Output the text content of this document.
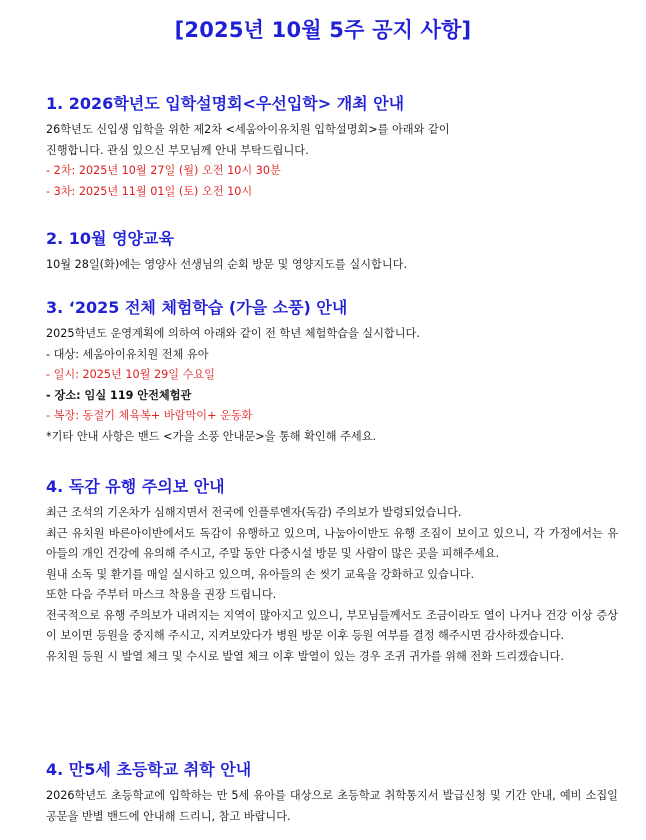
[2025년 10월 5주 공지 사항]
1. 2026학년도 입학설명회<우선입학> 개최 안내

26학년도 신입생 입학을 위한 제2차 <세움아이유치원 입학설명회>를 아래와 같이

진행합니다. 관심 있으신 부모님께 안내 부탁드립니다.

- 2차: 2025년 10월 27일 (월) 오전 10시 30분

- 3차: 2025년 11월 01일 (토) 오전 10시

2. 10월 영양교육

10월 28일(화)에는 영양사 선생님의 순회 방문 및 영양지도를 실시합니다.

3. ‘2025 전체 체험학습 (가을 소풍) 안내

2025학년도 운영계획에 의하여 아래와 같이 전 학년 체험학습을 실시합니다.

- 대상: 세움아이유치원 전체 유아

- 일시: 2025년 10월 29일 수요일

- 장소: 임실 119 안전체험관

- 복장: 동절기 체육복+ 바람막이+ 운동화

*기타 안내 사항은 밴드 <가을 소풍 안내문>을 통해 확인해 주세요.

4. 독감 유행 주의보 안내

최근 조석의 기온차가 심해지면서 전국에 인플루엔자(독감) 주의보가 발령되었습니다.

최근 유치원 바른아이반에서도 독감이 유행하고 있으며, 나눔아이반도 유행 조짐이 보이고 있으니, 각 가정에서는 유아들의 개인 건강에 유의해 주시고, 주말 동안 다중시설 방문 및 사람이 많은 곳을 피해주세요.

원내 소독 및 환기를 매일 실시하고 있으며, 유아들의 손 씻기 교육을 강화하고 있습니다.

또한 다음 주부터 마스크 착용을 권장 드립니다.

전국적으로 유행 주의보가 내려지는 지역이 많아지고 있으니, 부모님들께서도 조금이라도 열이 나거나 건강 이상 증상이 보이면 등원을 중지해 주시고, 지켜보았다가 병원 방문 이후 등원 여부를 결정 해주시면 감사하겠습니다.

유치원 등원 시 발열 체크 및 수시로 발열 체크 이후 발열이 있는 경우 조귀 귀가를 위해 전화 드리겠습니다.

4. 만5세 초등학교 취학 안내

2026학년도 초등학교에 입학하는 만 5세 유아를 대상으로 초등학교 취학통지서 발급신청 및 기간 안내, 예비 소집일 공문을 반별 밴드에 안내해 드리니, 참고 바랍니다.
